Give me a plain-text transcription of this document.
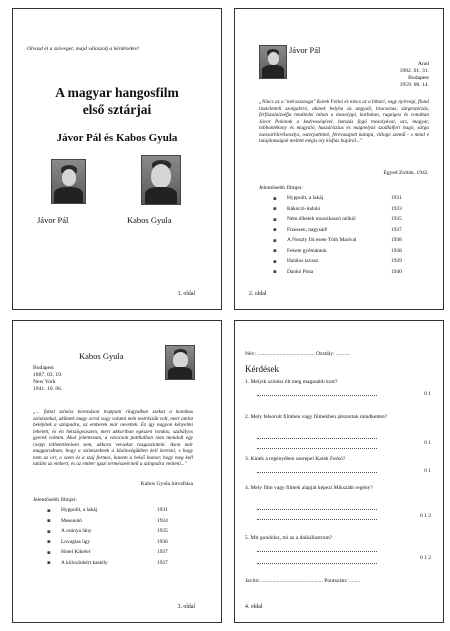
Olvasd el a szöveget, majd válaszolj a kérdésekre!
A magyar hangosfilm
első sztárjai
Jávor Pál és Kabos Gyula
Jávor Pál	Kabos Gyula
1. oldal
Jávor Pál
Arad
1902. 01. 31.
Budapest
1959. 08. 14.
„Nincs az a "mérsezzosga" Karek Ferkó és nincs az a bihari, vagy nyírvégi, flotul tisztelettell szolgabíró, akinek belyba ás angyali, brocsezas, sürgeszerzás, férfiszalaizséfja tetaltedei tahan a mosolygó, karbatan, rugaigos és vonaltan Jávor Palónak a kedvesséqével, hatszás fogó mosolyával, urs, magyar, lobbantékony és magyaló, huszárizzius és mágnelyáz szadlaifori hagó, sárga zsezsarblirélseszlys, ostorpattintó, férevaszpott kalapú, villogó szemű - s mind e tulajdonságok mellett mégis oly kisfiús bujáról..."
Egyed Zoltán, 1942.
Jelentősebb filmjei:
◾ Hyppolit, a lakáj	1931
◾ Rákóczi-induló	1933
◾ Nem élhetek muzsikaszó nélkül	1935
◾ Fizessen, nagysád!	1937
◾ A Noszty fiú esete Tóth Marival	1938
◾ Fekete gyémántok	1938
◾ Halálos tavasz	1939
◾ Dankó Pista	1940
2. oldal
Kabos Gyula
Budapest
1887. 03. 19.
New York
1941. 10. 06.
„... futtal színész koronáson trappaní ringyalkun szekat a komikus színészekai, akiknek magy orrul vagy valami mén testrészük volt, mert amint belépítek a színpadra, az emberek már nevettek. Ez így nagyon kényelmi lehetett, és én hétszögvaszem, mert akkoriban egészen rondas, szabályos gyerek voltam. Ahol jelentezam, a várocsok patthalban nem mondolt egy csepp telhetetleniesn sem, akkora versekat rasgaszinteni. Azon már maggarodtam, hogy a színészeknek a közönségükben kell keresni, s hogy nem az orr, a szem és a száj formes, hanem a belső humor, hogy meg kell találni az embert, és az ember igazi természeét kell a színpadra vetíteni..."
Kabos Gyula hitvallása
Jelentősebb filmjei:
◾ Hyppolit, a lakáj	1931
◾ Meseautó	1934
◾ A csúnya lány	1935
◾ Lovagias ügy	1936
◾ Hotel Kikelet	1937
◾ A kölcsönkért kastély	1937
3. oldal
Név: ......................................... Osztály: ..........
Kérdések
1. Melyik színész élt meg magasabb kort?
0 1
2. Mely felsorolt filmben vagy filmekben játszottak mindketten?
0 1
3. Kinek a regényében szerepel Karek Ferkó?
0 1
4. Mely film vagy filmek alapját képezi Mikszáth regény?
0 1 2
5. Mit gondolsz, mi az a daikállastrom?
0 1 2
Javító: ............................................ Pontszám: ........
4. oldal
